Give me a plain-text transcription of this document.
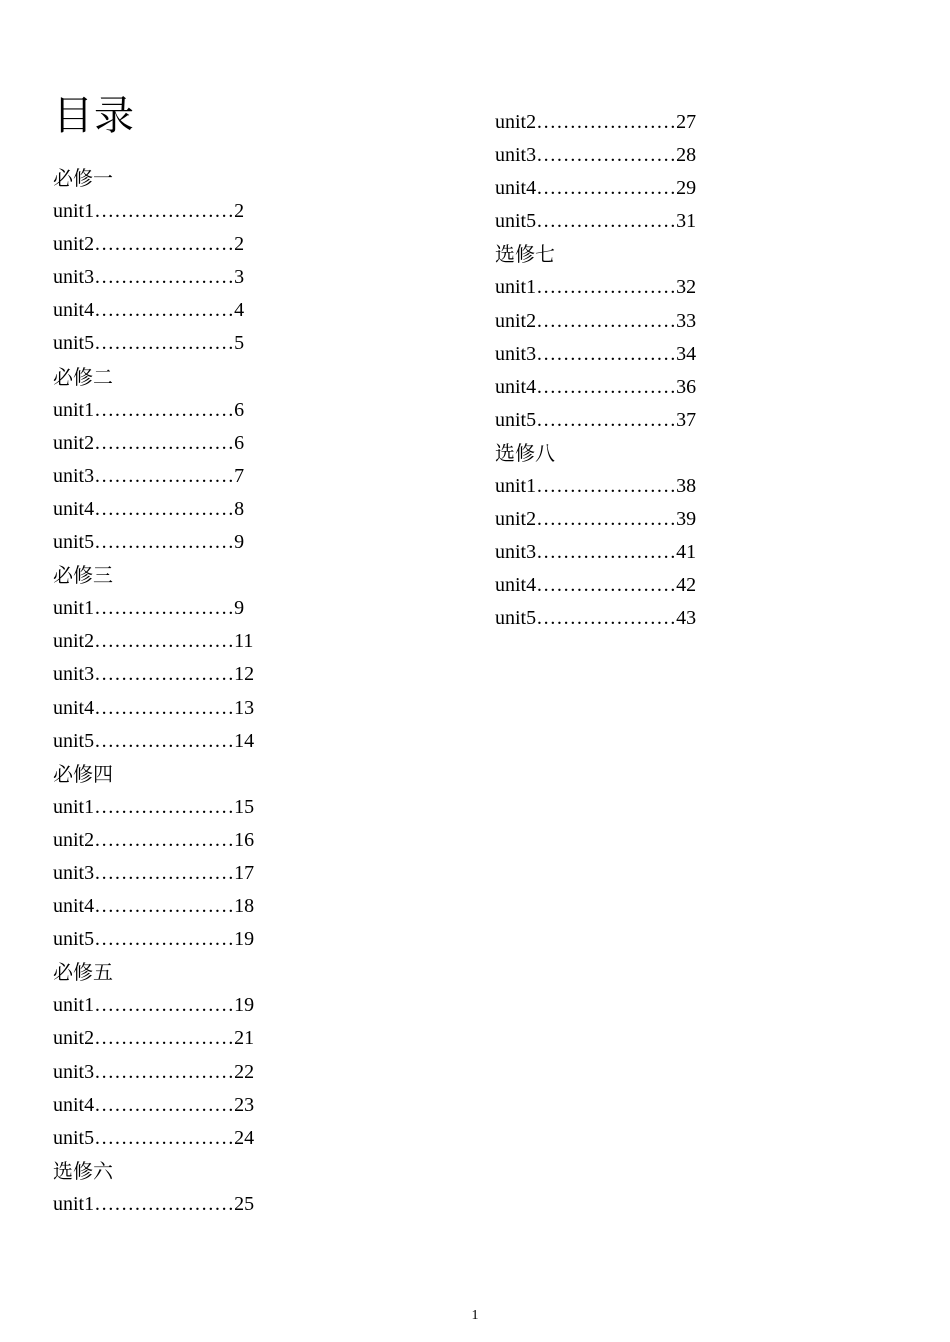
目录
必修一
unit1…………………2
unit2…………………2
unit3…………………3
unit4…………………4
unit5…………………5
必修二
unit1…………………6
unit2…………………6
unit3…………………7
unit4…………………8
unit5…………………9
必修三
unit1…………………9
unit2…………………11
unit3…………………12
unit4…………………13
unit5…………………14
必修四
unit1…………………15
unit2…………………16
unit3…………………17
unit4…………………18
unit5…………………19
必修五
unit1…………………19
unit2…………………21
unit3…………………22
unit4…………………23
unit5…………………24
选修六
unit1…………………25
unit2…………………27
unit3…………………28
unit4…………………29
unit5…………………31
选修七
unit1…………………32
unit2…………………33
unit3…………………34
unit4…………………36
unit5…………………37
选修八
unit1…………………38
unit2…………………39
unit3…………………41
unit4…………………42
unit5…………………43
1
